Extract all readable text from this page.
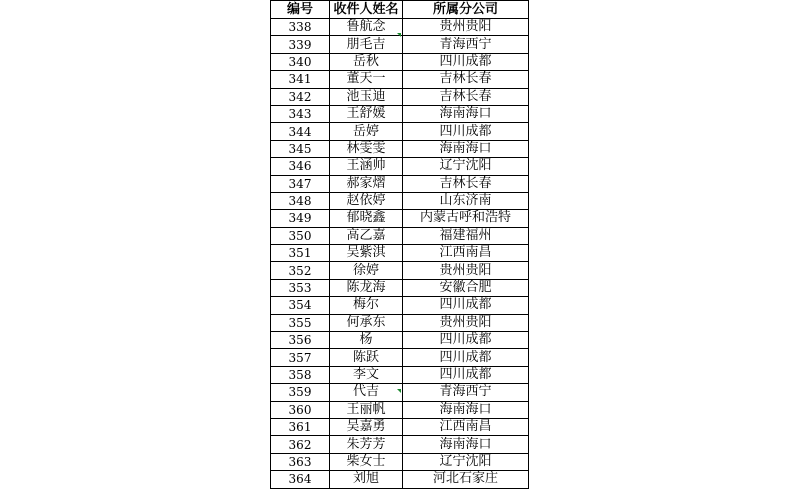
编号	收件人姓名	所属分公司
338	鲁航念	贵州贵阳
339	朋毛吉	青海西宁
340	岳秋	四川成都
341	董天一	吉林长春
342	池玉迪	吉林长春
343	王舒媛	海南海口
344	岳婷	四川成都
345	林雯雯	海南海口
346	王涵帅	辽宁沈阳
347	郝家熠	吉林长春
348	赵依婷	山东济南
349	郁晓鑫	内蒙古呼和浩特
350	高乙嘉	福建福州
351	吴紫淇	江西南昌
352	徐婷	贵州贵阳
353	陈龙海	安徽合肥
354	梅尔	四川成都
355	何承东	贵州贵阳
356	杨	四川成都
357	陈跃	四川成都
358	李文	四川成都
359	代吉	青海西宁
360	王丽帆	海南海口
361	吴嘉勇	江西南昌
362	朱芳芳	海南海口
363	柴女士	辽宁沈阳
364	刘旭	河北石家庄
